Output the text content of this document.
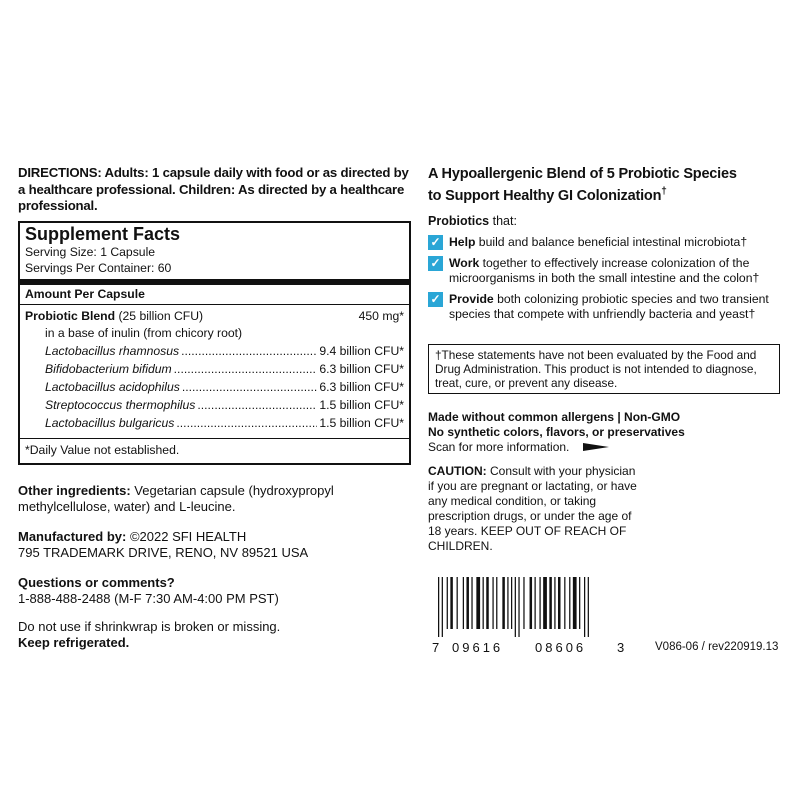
DIRECTIONS: Adults: 1 capsule daily with food or as directed by a healthcare professional. Children: As directed by a healthcare professional.
Supplement Facts
Serving Size: 1 Capsule
Servings Per Container: 60
Amount Per Capsule
Probiotic Blend (25 billion CFU)	450 mg*
in a base of inulin (from chicory root)
Lactobacillus rhamnosus .....	9.4 billion CFU*
Bifidobacterium bifidum .....	6.3 billion CFU*
Lactobacillus acidophilus .....	6.3 billion CFU*
Streptococcus thermophilus .....	1.5 billion CFU*
Lactobacillus bulgaricus .....	1.5 billion CFU*
*Daily Value not established.
Other ingredients: Vegetarian capsule (hydroxypropyl methylcellulose, water) and L-leucine.
Manufactured by: ©2022 SFI HEALTH
795 TRADEMARK DRIVE, RENO, NV 89521 USA
Questions or comments?
1-888-488-2488 (M-F 7:30 AM-4:00 PM PST)
Do not use if shrinkwrap is broken or missing.
Keep refrigerated.
A Hypoallergenic Blend of 5 Probiotic Species
to Support Healthy GI Colonization†
Probiotics that:
✓ Help build and balance beneficial intestinal microbiota†
✓ Work together to effectively increase colonization of the microorganisms in both the small intestine and the colon†
✓ Provide both colonizing probiotic species and two transient species that compete with unfriendly bacteria and yeast†
†These statements have not been evaluated by the Food and Drug Administration. This product is not intended to diagnose, treat, cure, or prevent any disease.
Made without common allergens | Non-GMO
No synthetic colors, flavors, or preservatives
Scan for more information.
CAUTION: Consult with your physician if you are pregnant or lactating, or have any medical condition, or taking prescription drugs, or under the age of 18 years. KEEP OUT OF REACH OF CHILDREN.
7 09616 08606 3 V086-06 / rev220919.13
